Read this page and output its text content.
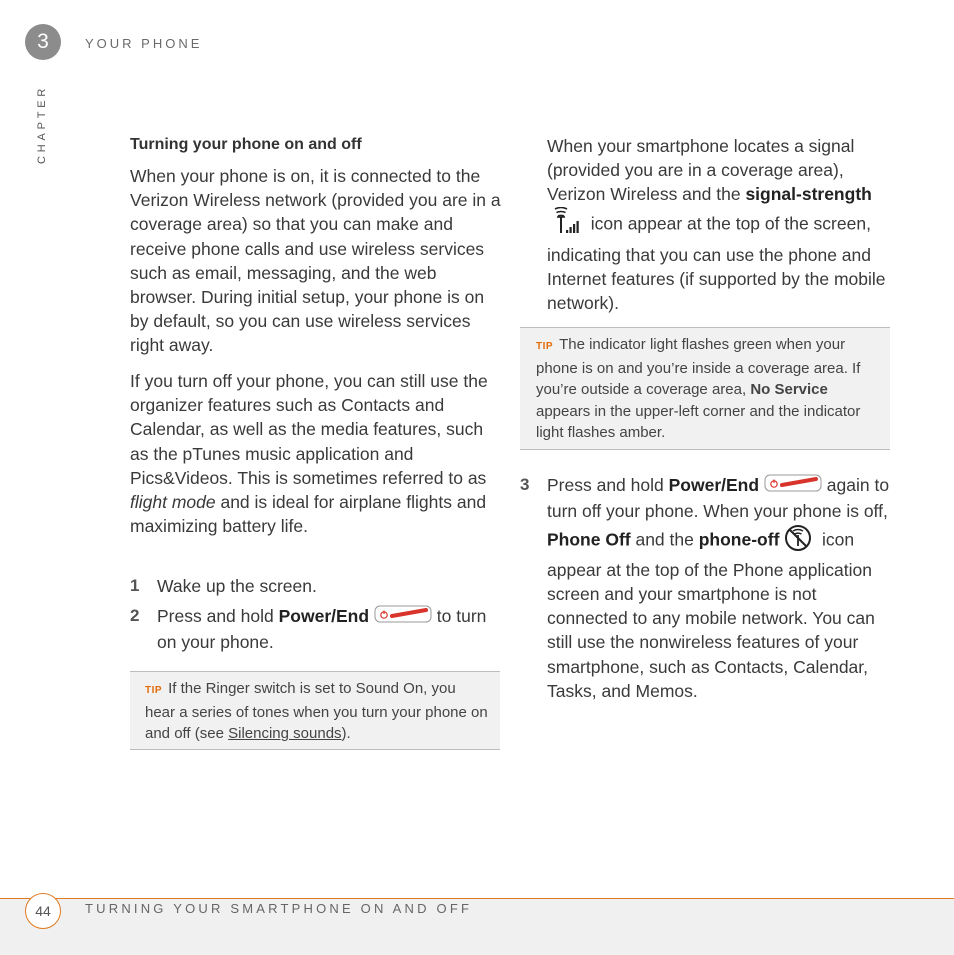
3	YOUR PHONE
CHAPTER	Turning your phone on and off
When your phone is on, it is connected to the Verizon Wireless network (provided you are in a coverage area) so that you can make and receive phone calls and use wireless services such as email, messaging, and the web browser. During initial setup, your phone is on by default, so you can use wireless services right away.
If you turn off your phone, you can still use the organizer features such as Contacts and Calendar, as well as the media features, such as the pTunes music application and Pics&Videos. This is sometimes referred to as flight mode and is ideal for airplane flights and maximizing battery life.
1 Wake up the screen.
2 Press and hold Power/End	to turn on your phone.
TIP If the Ringer switch is set to Sound On, you hear a series of tones when you turn your phone on and off (see Silencing sounds).
When your smartphone locates a signal (provided you are in a coverage area), Verizon Wireless and the signal-strength   icon appear at the top of the screen, indicating that you can use the phone and Internet features (if supported by the mobile network).
TIP The indicator light flashes green when your phone is on and you’re inside a coverage area. If you’re outside a coverage area, No Service appears in the upper-left corner and the indicator light flashes amber.
3 Press and hold Power/End	again to turn off your phone. When your phone is off, Phone Off and the phone-off   icon appear at the top of the Phone application screen and your smartphone is not connected to any mobile network. You can still use the nonwireless features of your smartphone, such as Contacts, Calendar, Tasks, and Memos.
44	TURNING YOUR SMARTPHONE ON AND OFF
